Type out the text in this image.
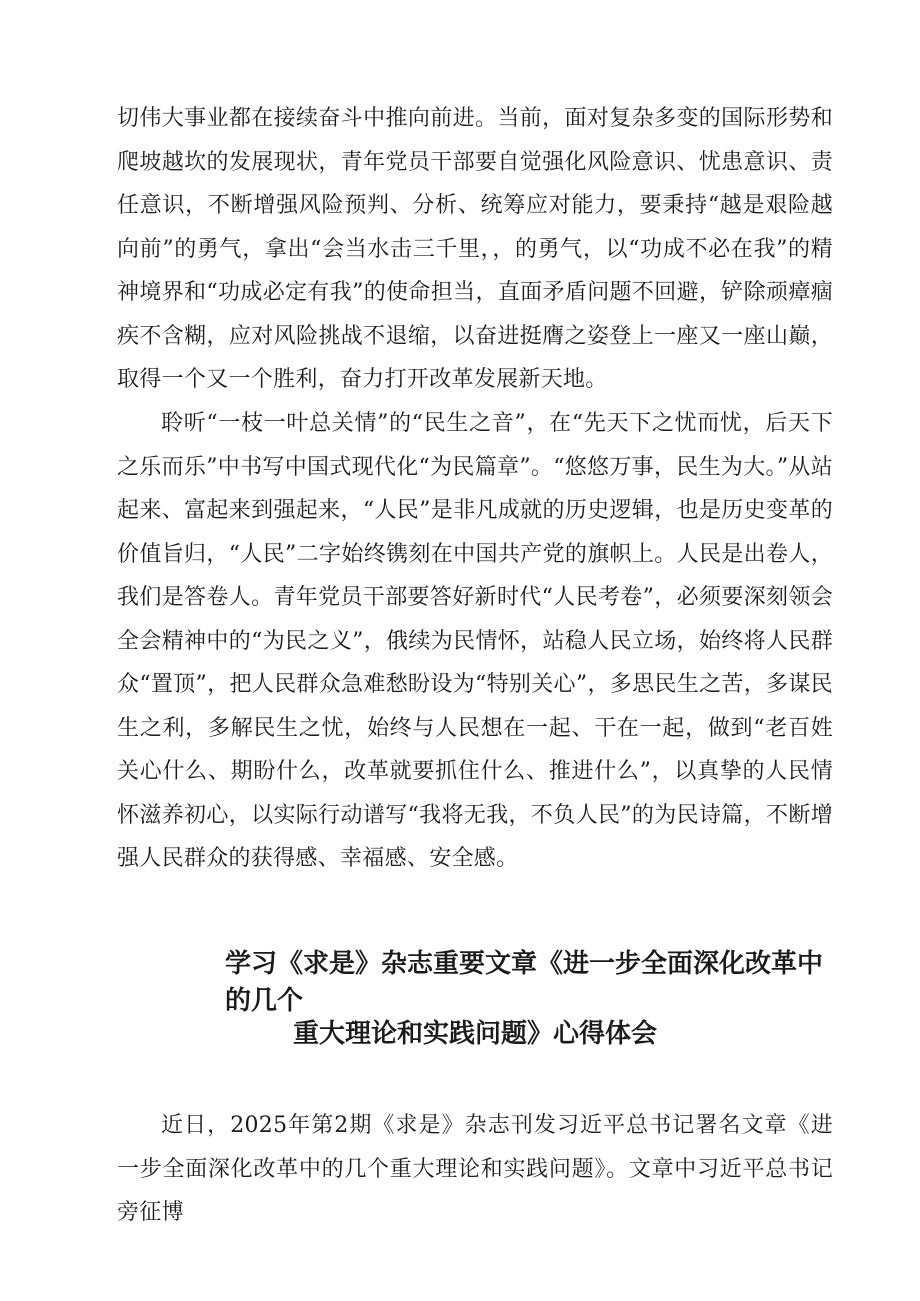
切伟大事业都在接续奋斗中推向前进。当前，面对复杂多变的国际形势和爬坡越坎的发展现状，青年党员干部要自觉强化风险意识、忧患意识、责任意识，不断增强风险预判、分析、统筹应对能力，要秉持“越是艰险越向前”的勇气，拿出“会当水击三千里，，的勇气，以“功成不必在我”的精神境界和“功成必定有我”的使命担当，直面矛盾问题不回避，铲除顽瘴痼疾不含糊，应对风险挑战不退缩，以奋进挺膺之姿登上一座又一座山巅，取得一个又一个胜利，奋力打开改革发展新天地。

聆听“一枝一叶总关情”的“民生之音”，在“先天下之忧而忧，后天下之乐而乐”中书写中国式现代化“为民篇章”。“悠悠万事，民生为大。”从站起来、富起来到强起来，“人民”是非凡成就的历史逻辑，也是历史变革的价值旨归，“人民”二字始终镌刻在中国共产党的旗帜上。人民是出卷人，我们是答卷人。青年党员干部要答好新时代“人民考卷”，必须要深刻领会全会精神中的“为民之义”，俄续为民情怀，站稳人民立场，始终将人民群众“置顶”，把人民群众急难愁盼设为“特别关心”，多思民生之苦，多谋民生之利，多解民生之忧，始终与人民想在一起、干在一起，做到“老百姓关心什么、期盼什么，改革就要抓住什么、推进什么”，以真挚的人民情怀滋养初心，以实际行动谱写“我将无我，不负人民”的为民诗篇，不断增强人民群众的获得感、幸福感、安全感。

学习《求是》杂志重要文章《进一步全面深化改革中的几个
重大理论和实践问题》心得体会

近日，2025年第2期《求是》杂志刊发习近平总书记署名文章《进一步全面深化改革中的几个重大理论和实践问题》。文章中习近平总书记旁征博
